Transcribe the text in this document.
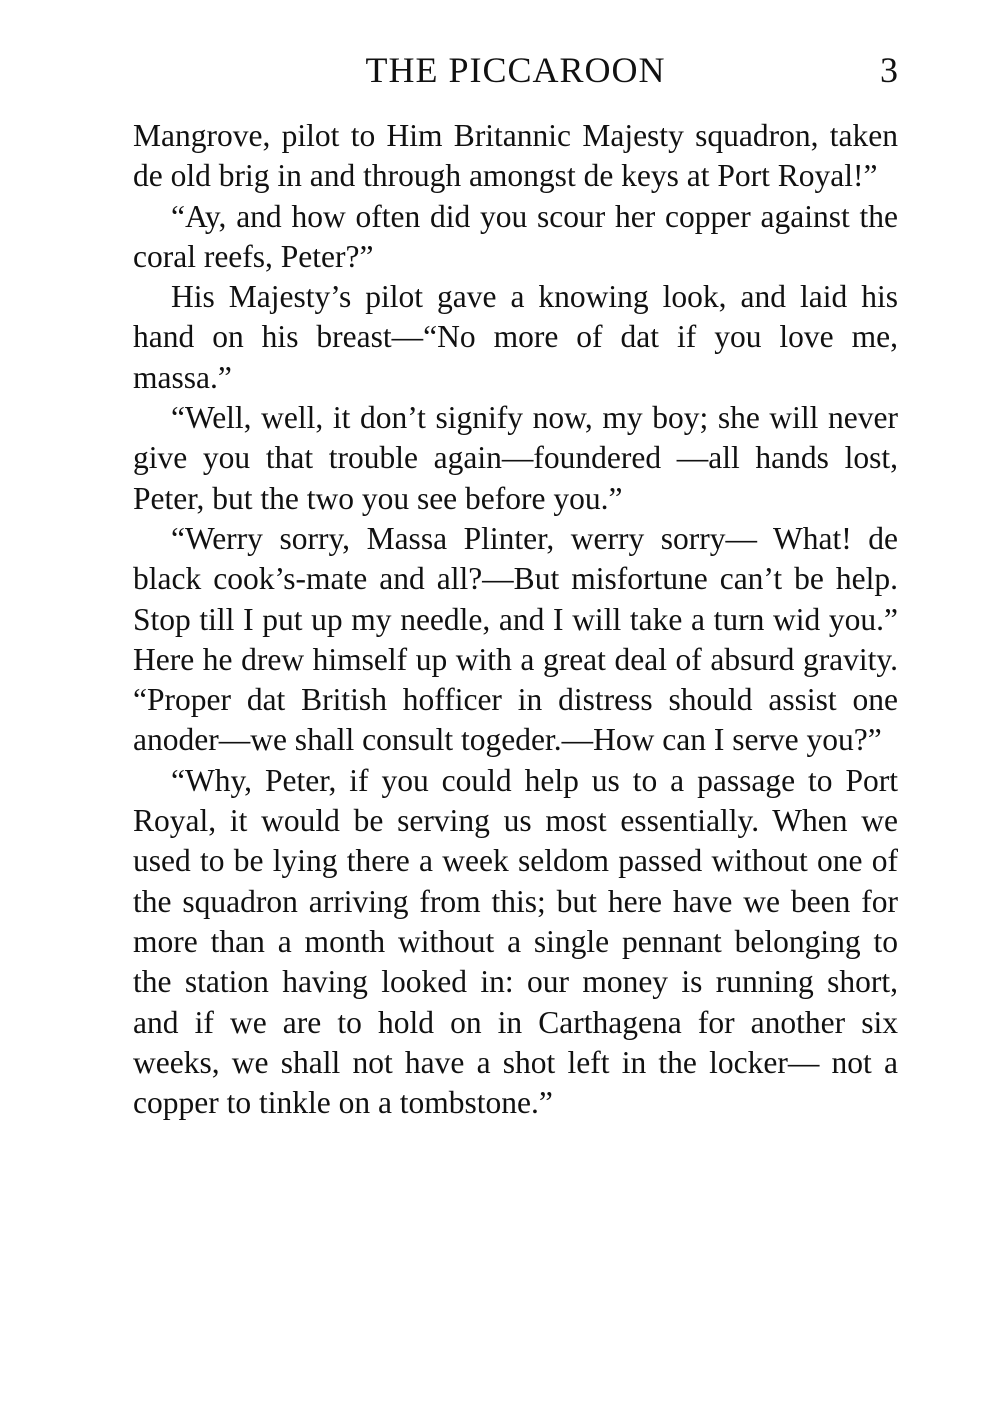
THE PICCAROON	3

Mangrove, pilot to Him Britannic Majesty squadron, taken de old brig in and through amongst de keys at Port Royal!”

“Ay, and how often did you scour her copper against the coral reefs, Peter?”

His Majesty’s pilot gave a knowing look, and laid his hand on his breast—“No more of dat if you love me, massa.”

“Well, well, it don’t signify now, my boy; she will never give you that trouble again—foundered —all hands lost, Peter, but the two you see before you.”

“Werry sorry, Massa Plinter, werry sorry— What! de black cook’s-mate and all?—But misfortune can’t be help. Stop till I put up my needle, and I will take a turn wid you.” Here he drew himself up with a great deal of absurd gravity. “Proper dat British hofficer in distress should assist one anoder—we shall consult togeder.—How can I serve you?”

“Why, Peter, if you could help us to a passage to Port Royal, it would be serving us most essentially. When we used to be lying there a week seldom passed without one of the squadron arriving from this; but here have we been for more than a month without a single pennant belonging to the station having looked in: our money is running short, and if we are to hold on in Carthagena for another six weeks, we shall not have a shot left in the locker— not a copper to tinkle on a tombstone.”
